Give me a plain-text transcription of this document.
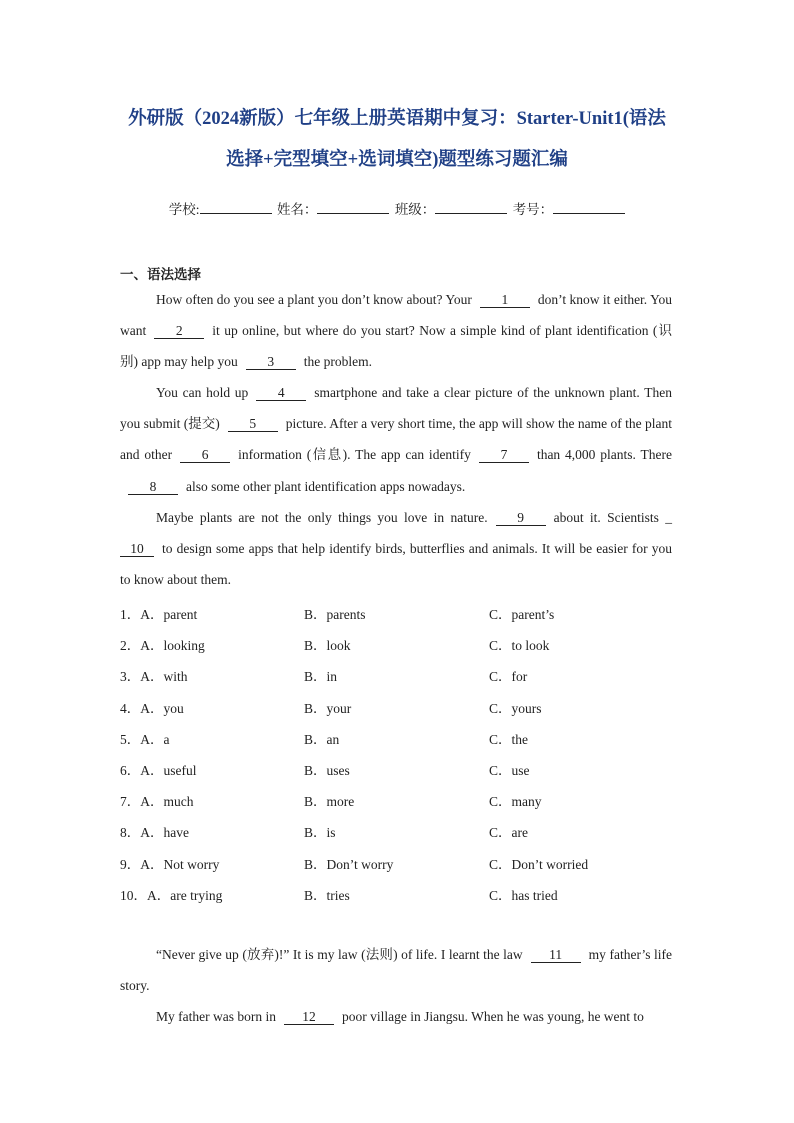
外研版（2024新版）七年级上册英语期中复习：Starter-Unit1(语法
选择+完型填空+选词填空)题型练习题汇编
学校:	姓名：	班级：	考号：
一、语法选择
How often do you see a plant you don’t know about? Your 1 don’t know it either. You want 2 it up online, but where do you start? Now a simple kind of plant identification (识别) app may help you 3 the problem.
You can hold up 4 smartphone and take a clear picture of the unknown plant. Then you submit (提交) 5 picture. After a very short time, the app will show the name of the plant and other 6 information (信息). The app can identify 7 than 4,000 plants. There8 also some other plant identification apps nowadays.
Maybe plants are not the only things you love in nature. 9 about it. Scientists _10 to design some apps that help identify birds, butterflies and animals. It will be easier for you to know about them.
1．A．parent	B．parents	C．parent’s
2．A．looking	B．look	C．to look
3．A．with	B．in	C．for
4．A．you	B．your	C．yours
5．A．a	B．an	C．the
6．A．useful	B．uses	C．use
7．A．much	B．more	C．many
8．A．have	B．is	C．are
9．A．Not worry	B．Don’t worry	C．Don’t worried
10．A．are trying	B．tries	C．has tried
“Never give up (放弃)!” It is my law (法则) of life. I learnt the law 11 my father’s life story.
My father was born in 12 poor village in Jiangsu. When he was young, he went to
